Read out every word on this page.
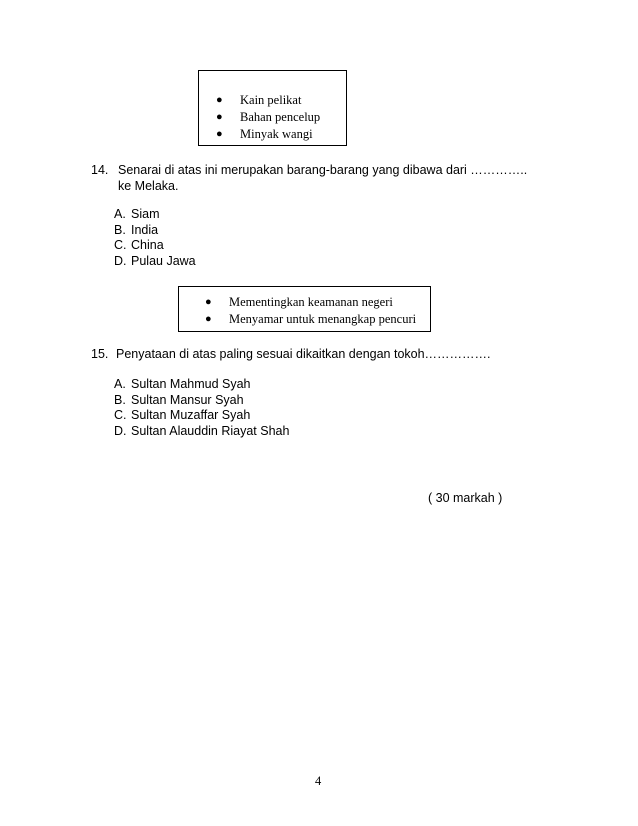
● Kain pelikat
● Bahan pencelup
● Minyak wangi
14. Senarai di atas ini merupakan barang-barang yang dibawa dari …………..
ke Melaka.
A. Siam
B. India
C. China
D. Pulau Jawa
● Mementingkan keamanan negeri
● Menyamar untuk menangkap pencuri
15. Penyataan di atas paling sesuai dikaitkan dengan tokoh…………….
A. Sultan Mahmud Syah
B. Sultan Mansur Syah
C. Sultan Muzaffar Syah
D. Sultan Alauddin Riayat Shah
( 30 markah )
4
